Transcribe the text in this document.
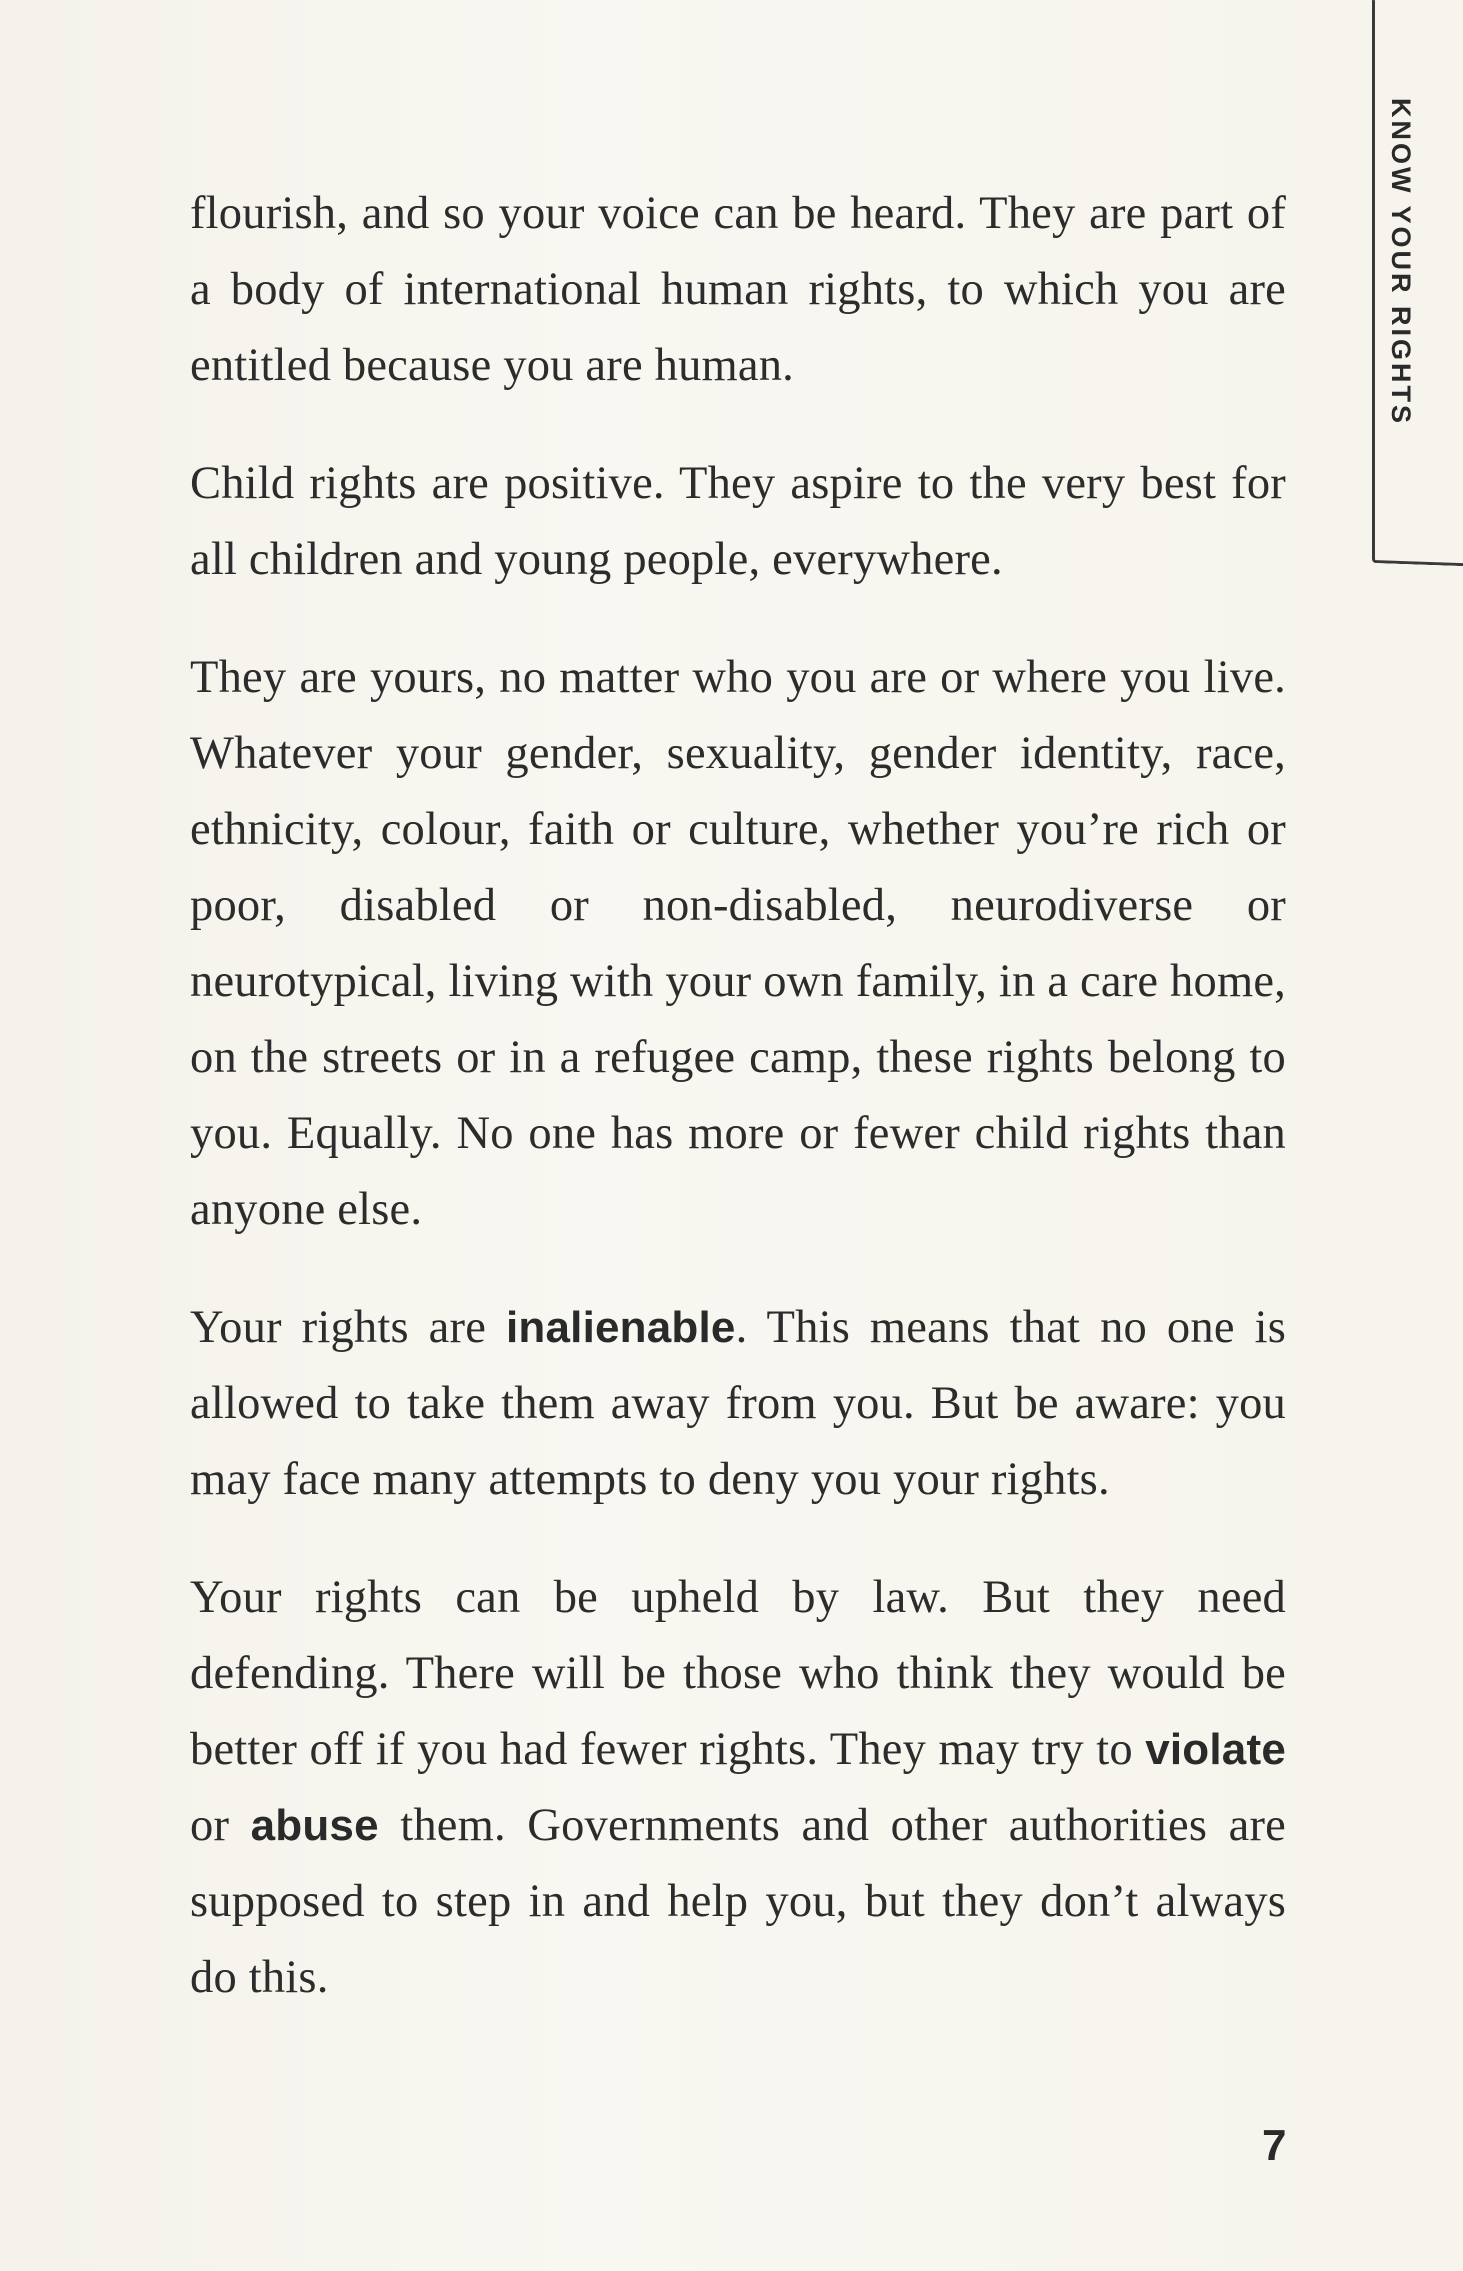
KNOW YOUR RIGHTS

flourish, and so your voice can be heard. They are part of a body of international human rights, to which you are entitled because you are human.

Child rights are positive. They aspire to the very best for all children and young people, everywhere.

They are yours, no matter who you are or where you live. Whatever your gender, sexuality, gender identity, race, ethnicity, colour, faith or culture, whether you’re rich or poor, disabled or non-disabled, neurodiverse or neurotypical, living with your own family, in a care home, on the streets or in a refugee camp, these rights belong to you. Equally. No one has more or fewer child rights than anyone else.

Your rights are inalienable. This means that no one is allowed to take them away from you. But be aware: you may face many attempts to deny you your rights.

Your rights can be upheld by law. But they need defending. There will be those who think they would be better off if you had fewer rights. They may try to violate or abuse them. Governments and other authorities are supposed to step in and help you, but they don’t always do this.

7
